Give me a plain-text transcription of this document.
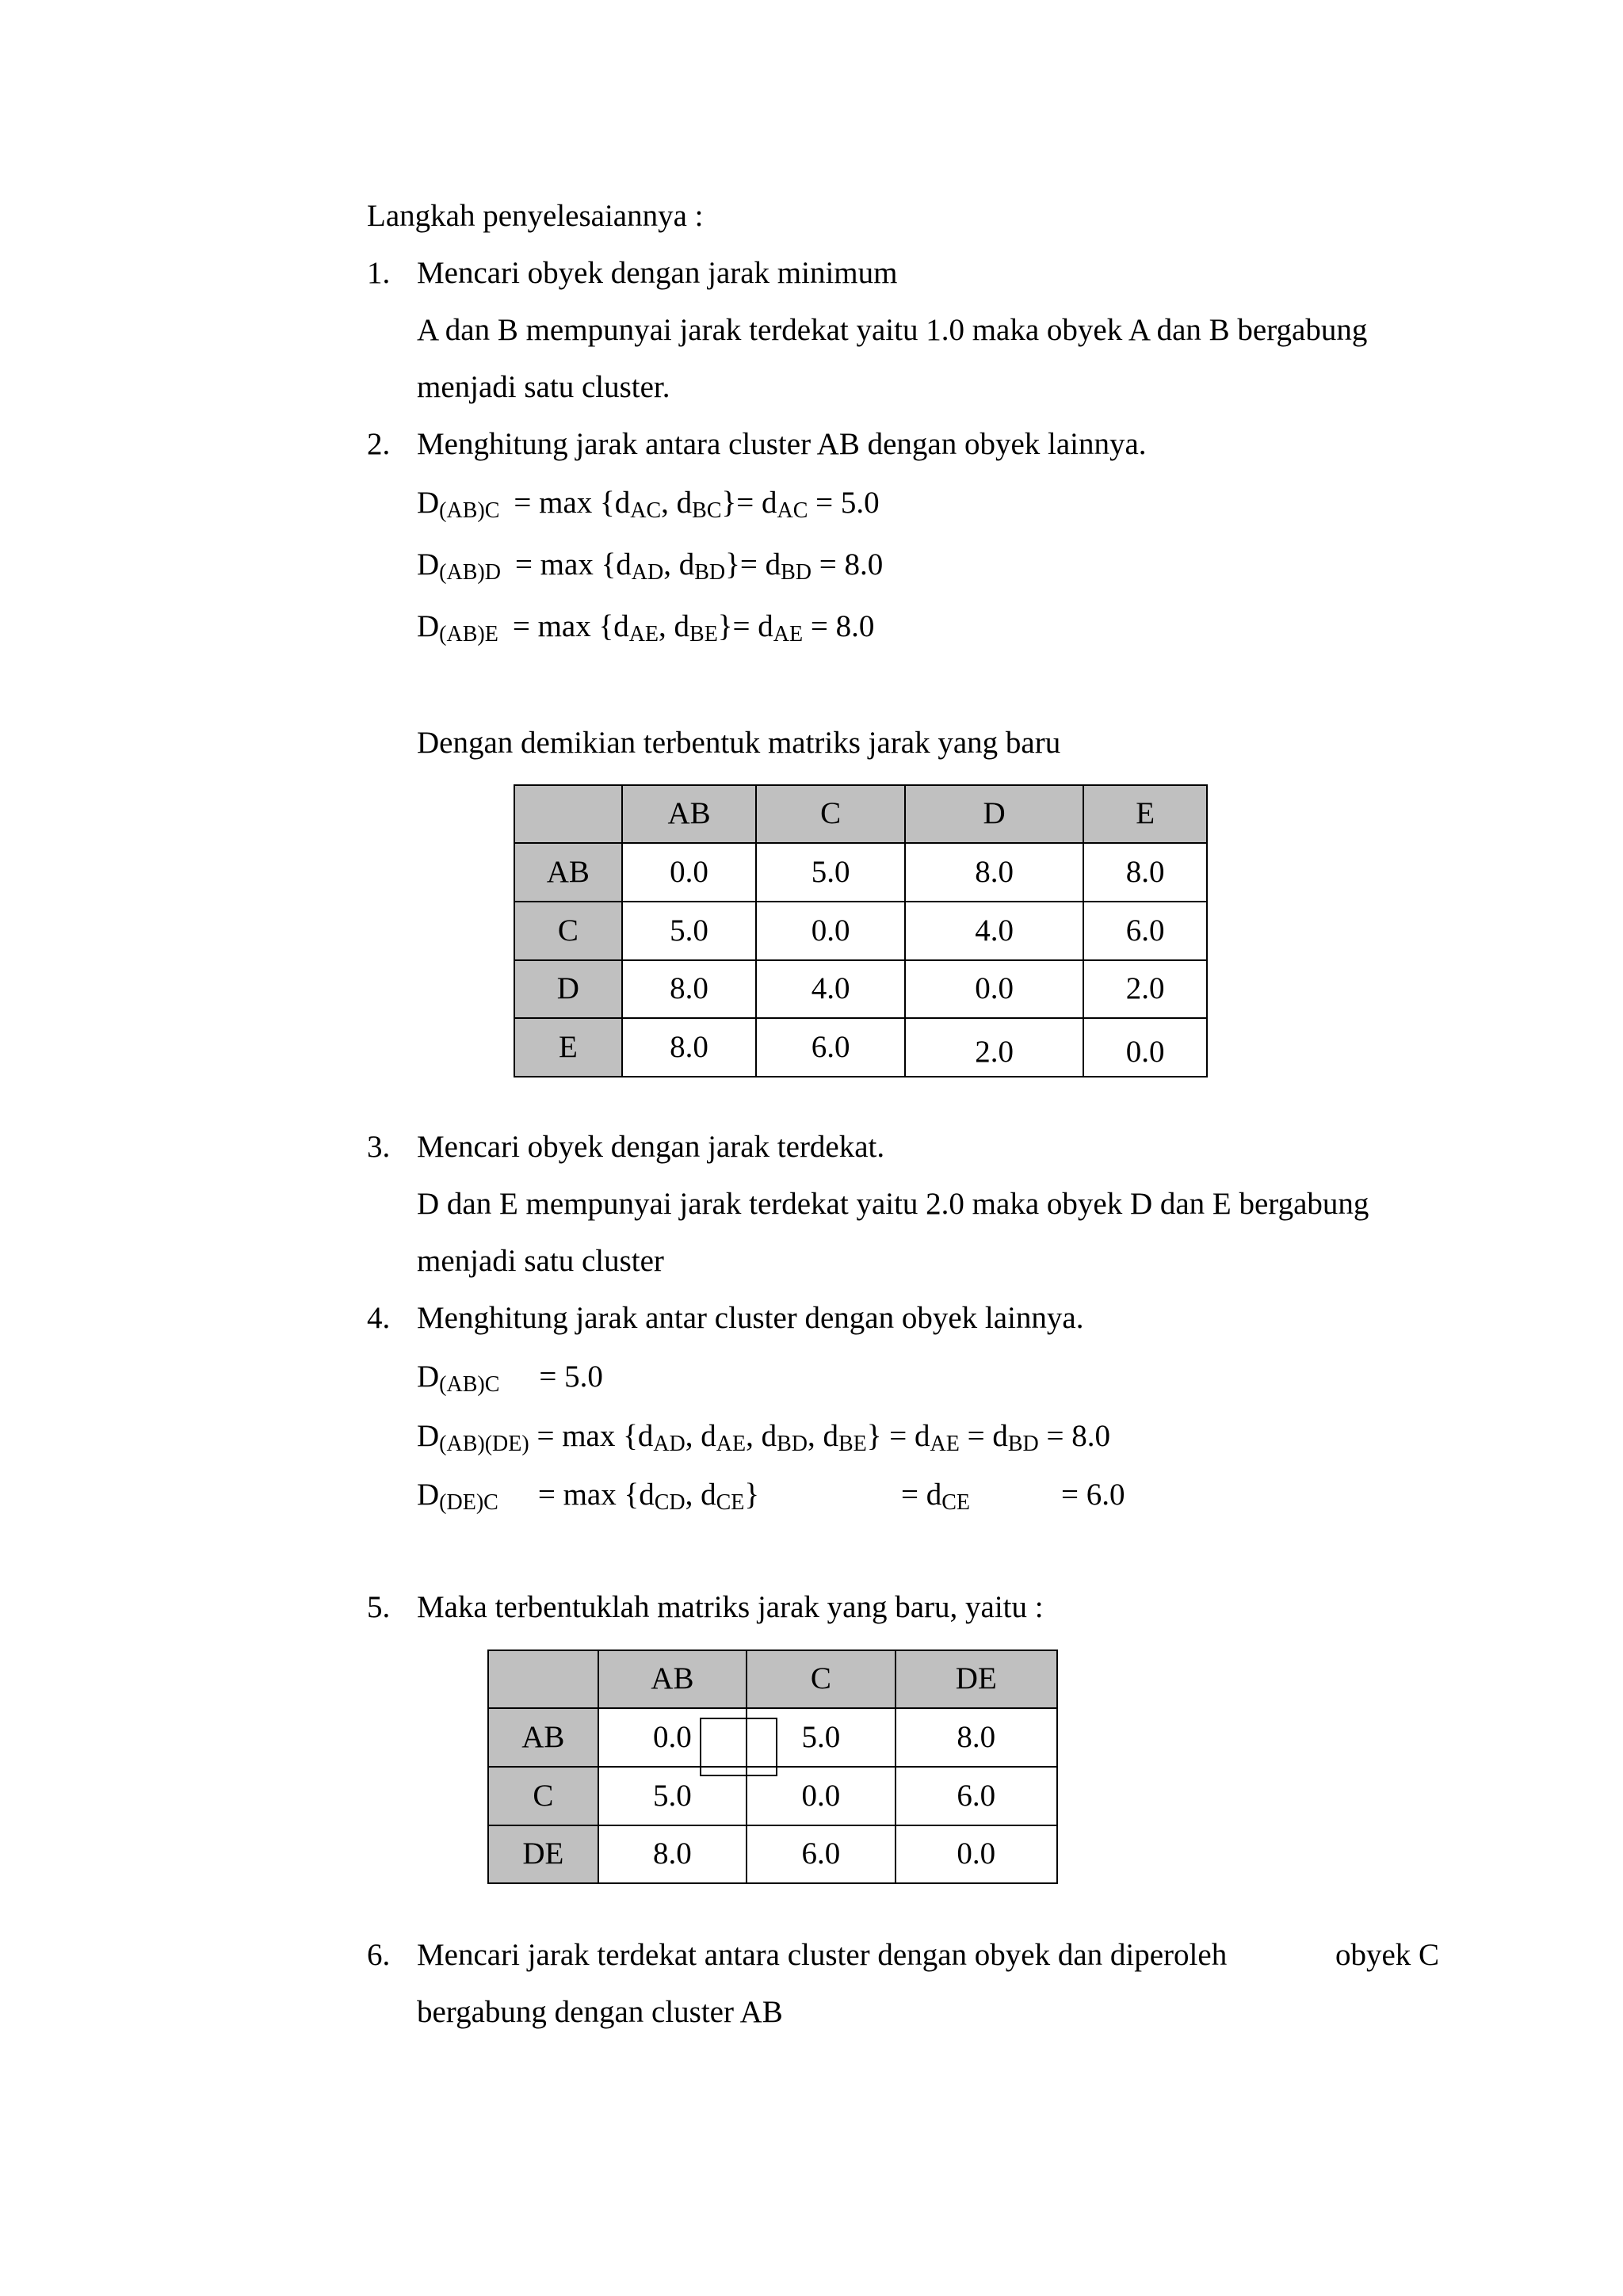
Langkah penyelesaiannya :
1. Mencari obyek dengan jarak minimum
A dan B mempunyai jarak terdekat yaitu 1.0 maka obyek A dan B bergabung
menjadi satu cluster.
2. Menghitung jarak antara cluster AB dengan obyek lainnya.
$D_{(AB)C} = \max \{d_{AC}$, $d_{BC}\}= d_{AC} = 5.0$
$D_{(AB)D} = \max \{d_{AD}$, $d_{BD}\}= d_{BD} = 8.0$
$D_{(AB)E} = \max \{d_{AE}$, $d_{BE}\}= d_{AE} = 8.0$
Dengan demikian terbentuk matriks jarak yang baru
	AB	C	D	E
AB	0.0	5.0	8.0	8.0
C	5.0	0.0	4.0	6.0
D	8.0	4.0	0.0	2.0
E	8.0	6.0	2.0	0.0
3. Mencari obyek dengan jarak terdekat.
D dan E mempunyai jarak terdekat yaitu 2.0 maka obyek D dan E bergabung
menjadi satu cluster
4. Menghitung jarak antar cluster dengan obyek lainnya.
$D_{(AB)C} = 5.0$
$D_{(AB)(DE)} = \max \{d_{AD}$, $d_{AE}$, $d_{BD}$, $d_{BE}\} = d_{AE} = d_{BD} = 8.0$
$D_{(DE)C} = \max \{d_{CD}$, $d_{CE}$}	= $d_{CE}$	= 6.0
5. Maka terbentuklah matriks jarak yang baru, yaitu :
	AB	C	DE
AB	0.0	5.0	8.0
C	5.0	0.0	6.0
DE	8.0	6.0	0.0
6. Mencari jarak terdekat antara cluster dengan obyek dan diperoleh	obyek C
bergabung dengan cluster AB
